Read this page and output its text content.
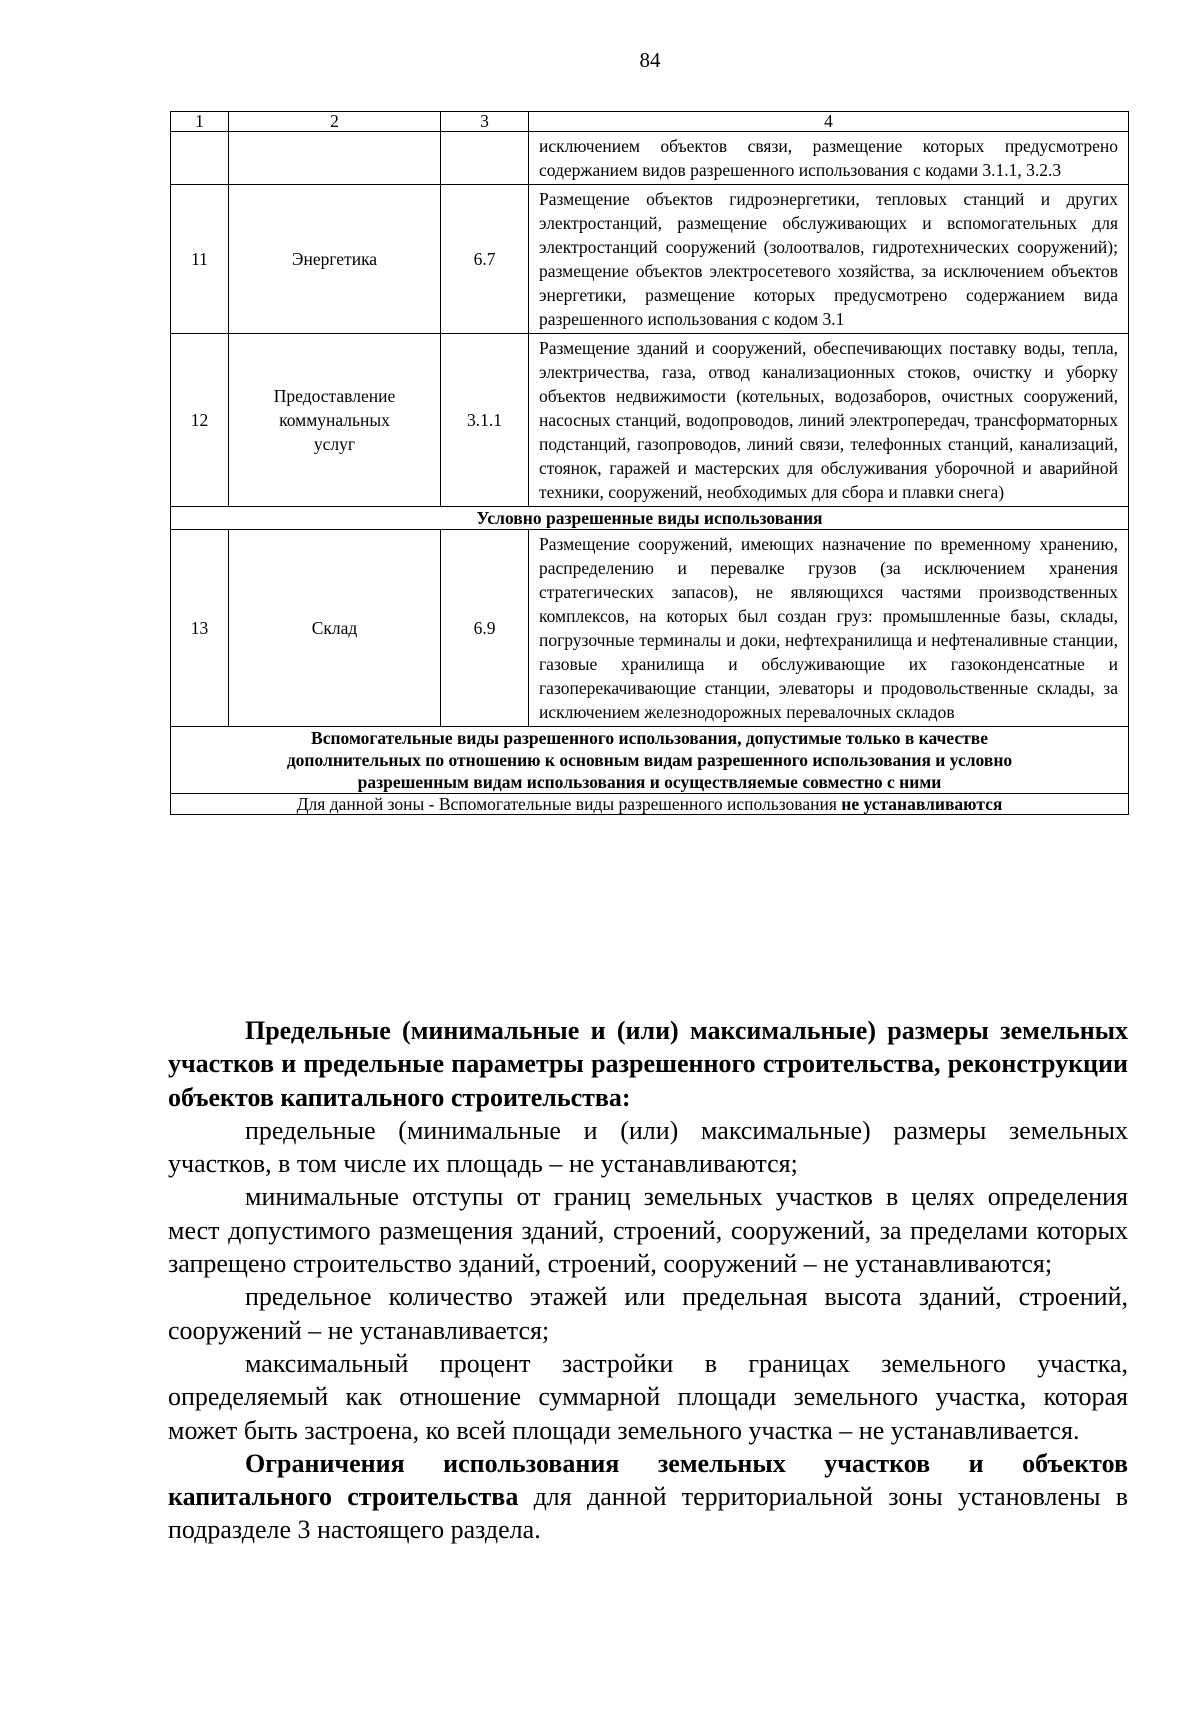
84
1	2	3	4
			исключением объектов связи, размещение которых предусмотрено содержанием видов разрешенного использования с кодами 3.1.1, 3.2.3
11	Энергетика	6.7	Размещение объектов гидроэнергетики, тепловых станций и других электростанций, размещение обслуживающих и вспомогательных для электростанций сооружений (золоотвалов, гидротехнических сооружений); размещение объектов электросетевого хозяйства, за исключением объектов энергетики, размещение которых предусмотрено содержанием вида разрешенного использования с кодом 3.1
12	Предоставление коммунальных услуг	3.1.1	Размещение зданий и сооружений, обеспечивающих поставку воды, тепла, электричества, газа, отвод канализационных стоков, очистку и уборку объектов недвижимости (котельных, водозаборов, очистных сооружений, насосных станций, водопроводов, линий электропередач, трансформаторных подстанций, газопроводов, линий связи, телефонных станций, канализаций, стоянок, гаражей и мастерских для обслуживания уборочной и аварийной техники, сооружений, необходимых для сбора и плавки снега)
Условно разрешенные виды использования			
13	Склад	6.9	Размещение сооружений, имеющих назначение по временному хранению, распределению и перевалке грузов (за исключением хранения стратегических запасов), не являющихся частями производственных комплексов, на которых был создан груз: промышленные базы, склады, погрузочные терминалы и доки, нефтехранилища и нефтеналивные станции, газовые хранилища и обслуживающие их газоконденсатные и газоперекачивающие станции, элеваторы и продовольственные склады, за исключением железнодорожных перевалочных складов

Вспомогательные виды разрешенного использования, допустимые только в качестве
дополнительных по отношению к основным видам разрешенного использования и условно
разрешенным видам использования и осуществляемые совместно с ними			

Для данной зоны - Вспомогательные виды разрешенного использования не устанавливаются			

Предельные (минимальные и (или) максимальные) размеры земельных участков и предельные параметры разрешенного строительства, реконструкции объектов капитального строительства:

предельные (минимальные и (или) максимальные) размеры земельных участков, в том числе их площадь – не устанавливаются;

минимальные отступы от границ земельных участков в целях определения мест допустимого размещения зданий, строений, сооружений, за пределами которых запрещено строительство зданий, строений, сооружений – не устанавливаются;

предельное количество этажей или предельная высота зданий, строений, сооружений – не устанавливается;

максимальный процент застройки в границах земельного участка, определяемый как отношение суммарной площади земельного участка, которая может быть застроена, ко всей площади земельного участка – не устанавливается.

Ограничения использования земельных участков и объектов капитального строительства для данной территориальной зоны установлены в подразделе 3 настоящего раздела.
